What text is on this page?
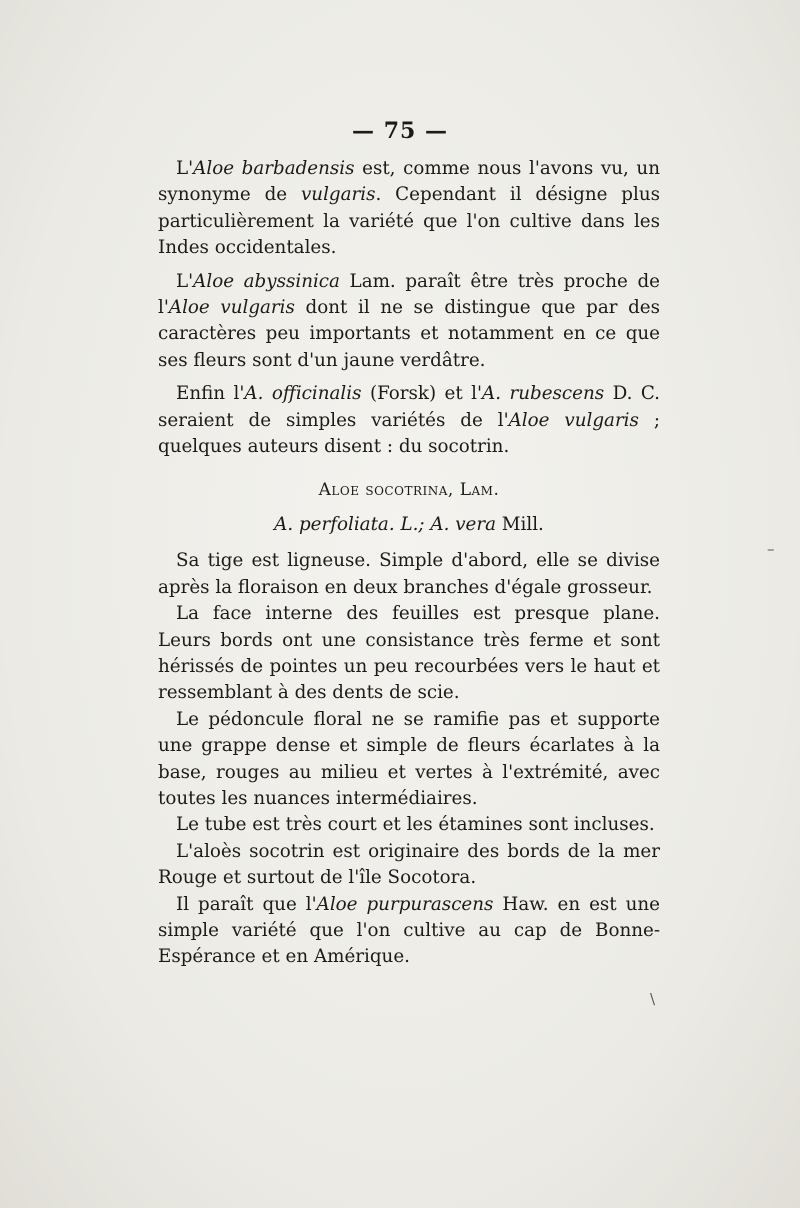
— 75 —

L'Aloe barbadensis est, comme nous l'avons vu, un synonyme de vulgaris. Cependant il désigne plus particulièrement la variété que l'on cultive dans les Indes occidentales.

L'Aloe abyssinica Lam. paraît être très proche de l'Aloe vulgaris dont il ne se distingue que par des caractères peu importants et notamment en ce que ses fleurs sont d'un jaune verdâtre.

Enfin l'A. officinalis (Forsk) et l'A. rubescens D. C. seraient de simples variétés de l'Aloe vulgaris ; quelques auteurs disent : du socotrin.

Aloe socotrina, Lam.
A. perfoliata. L.; A. vera Mill.

Sa tige est ligneuse. Simple d'abord, elle se divise après la floraison en deux branches d'égale grosseur.

La face interne des feuilles est presque plane. Leurs bords ont une consistance très ferme et sont hérissés de pointes un peu recourbées vers le haut et ressemblant à des dents de scie.

Le pédoncule floral ne se ramifie pas et supporte une grappe dense et simple de fleurs écarlates à la base, rouges au milieu et vertes à l'extrémité, avec toutes les nuances intermédiaires.

Le tube est très court et les étamines sont incluses.

L'aloès socotrin est originaire des bords de la mer Rouge et surtout de l'île Socotora.

Il paraît que l'Aloe purpurascens Haw. en est une simple variété que l'on cultive au cap de Bonne-Espérance et en Amérique.

–
\
